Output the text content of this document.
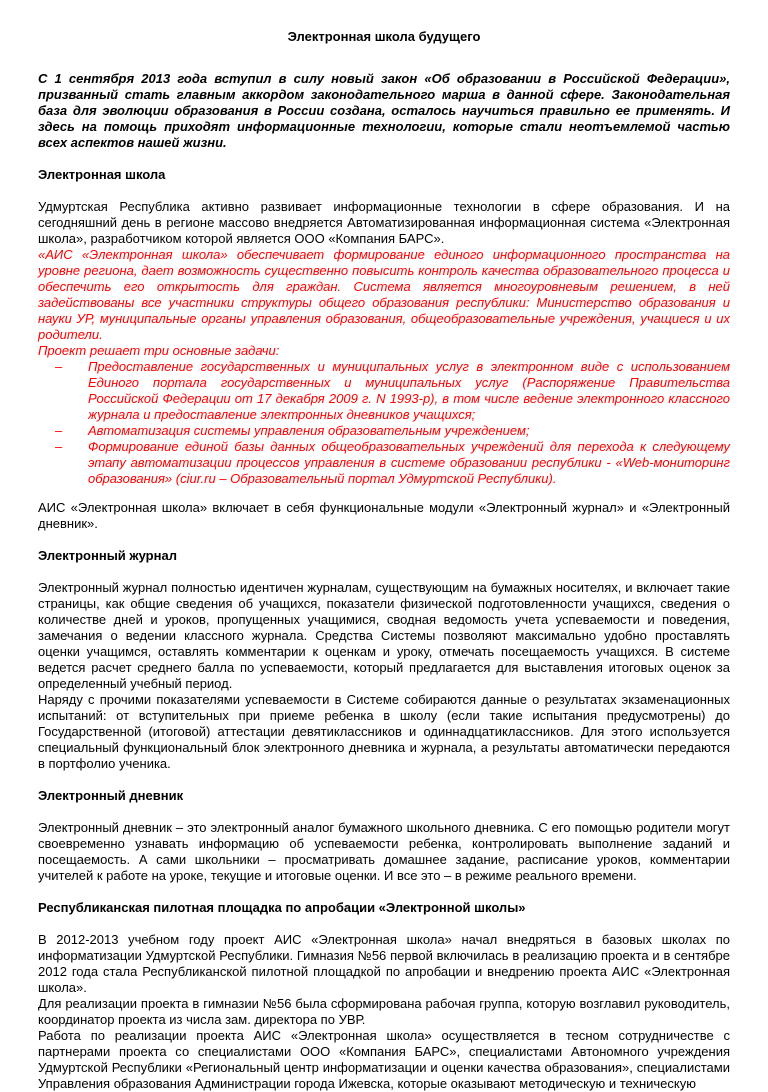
Электронная школа будущего

С 1 сентября 2013 года вступил в силу новый закон «Об образовании в Российской Федерации», призванный стать главным аккордом законодательного марша в данной сфере. Законодательная база для эволюции образования в России создана, осталось научиться правильно ее применять. И здесь на помощь приходят информационные технологии, которые стали неотъемлемой частью всех аспектов нашей жизни.

Электронная школа

Удмуртская Республика активно развивает информационные технологии в сфере образования. И на сегодняшний день в регионе массово внедряется Автоматизированная информационная система «Электронная школа», разработчиком которой является ООО «Компания БАРС».

«АИС «Электронная школа» обеспечивает формирование единого информационного пространства на уровне региона, дает возможность существенно повысить контроль качества образовательного процесса и обеспечить его открытость для граждан. Система является многоуровневым решением, в ней задействованы все участники структуры общего образования республики: Министерство образования и науки УР, муниципальные органы управления образования, общеобразовательные учреждения, учащиеся и их родители.

Проект решает три основные задачи:

– Предоставление государственных и муниципальных услуг в электронном виде с использованием Единого портала государственных и муниципальных услуг (Распоряжение Правительства Российской Федерации от 17 декабря 2009 г. N 1993-р), в том числе ведение электронного классного журнала и предоставление электронных дневников учащихся;
– Автоматизация системы управления образовательным учреждением;
– Формирование единой базы данных общеобразовательных учреждений для перехода к следующему этапу автоматизации процессов управления в системе образовании республики - «Web-мониторинг образования» (ciur.ru – Образовательный портал Удмуртской Республики).

АИС «Электронная школа» включает в себя функциональные модули «Электронный журнал» и «Электронный дневник».

Электронный журнал

Электронный журнал полностью идентичен журналам, существующим на бумажных носителях, и включает такие страницы, как общие сведения об учащихся, показатели физической подготовленности учащихся, сведения о количестве дней и уроков, пропущенных учащимися, сводная ведомость учета успеваемости и поведения, замечания о ведении классного журнала. Средства Системы позволяют максимально удобно проставлять оценки учащимся, оставлять комментарии к оценкам и уроку, отмечать посещаемость учащихся. В системе ведется расчет среднего балла по успеваемости, который предлагается для выставления итоговых оценок за определенный учебный период.

Наряду с прочими показателями успеваемости в Системе собираются данные о результатах экзаменационных испытаний: от вступительных при приеме ребенка в школу (если такие испытания предусмотрены) до Государственной (итоговой) аттестации девятиклассников и одиннадцатиклассников. Для этого используется специальный функциональный блок электронного дневника и журнала, а результаты автоматически передаются в портфолио ученика.

Электронный дневник

Электронный дневник – это электронный аналог бумажного школьного дневника. С его помощью родители могут своевременно узнавать информацию об успеваемости ребенка, контролировать выполнение заданий и посещаемость. А сами школьники – просматривать домашнее задание, расписание уроков, комментарии учителей к работе на уроке, текущие и итоговые оценки. И все это – в режиме реального времени.

Республиканская пилотная площадка по апробации «Электронной школы»

В 2012-2013 учебном году проект АИС «Электронная школа» начал внедряться в базовых школах по информатизации Удмуртской Республики. Гимназия №56 первой включилась в реализацию проекта и в сентябре 2012 года стала Республиканской пилотной площадкой по апробации и внедрению проекта АИС «Электронная школа».

Для реализации проекта в гимназии №56 была сформирована рабочая группа, которую возглавил руководитель, координатор проекта из числа зам. директора по УВР.

Работа по реализации проекта АИС «Электронная школа» осуществляется в тесном сотрудничестве с партнерами проекта со специалистами ООО «Компания БАРС», специалистами Автономного учреждения Удмуртской Республики «Региональный центр информатизации и оценки качества образования», специалистами Управления образования Администрации города Ижевска, которые оказывают методическую и техническую
